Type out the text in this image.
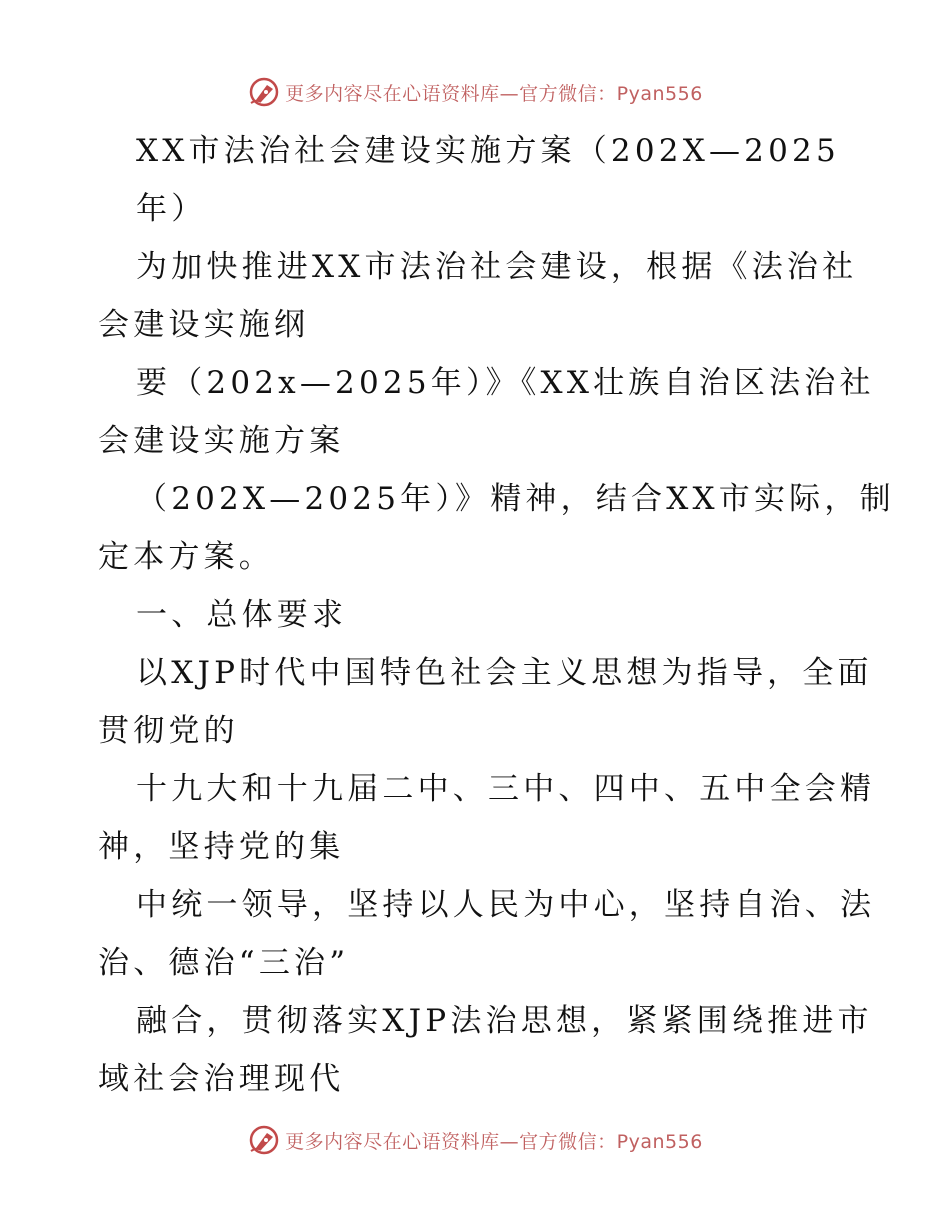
更多内容尽在心语资料库—官方微信：Pyan556
XX市法治社会建设实施方案（202X—2025
年）
为加快推进XX市法治社会建设，根据《法治社
会建设实施纲
要（202x—2025年）》《XX壮族自治区法治社
会建设实施方案
（202X—2025年）》精神，结合XX市实际，制
定本方案。
一、总体要求
以XJP时代中国特色社会主义思想为指导，全面
贯彻党的
十九大和十九届二中、三中、四中、五中全会精
神，坚持党的集
中统一领导，坚持以人民为中心，坚持自治、法
治、德治“三治”
融合，贯彻落实XJP法治思想，紧紧围绕推进市
域社会治理现代
更多内容尽在心语资料库—官方微信：Pyan556
